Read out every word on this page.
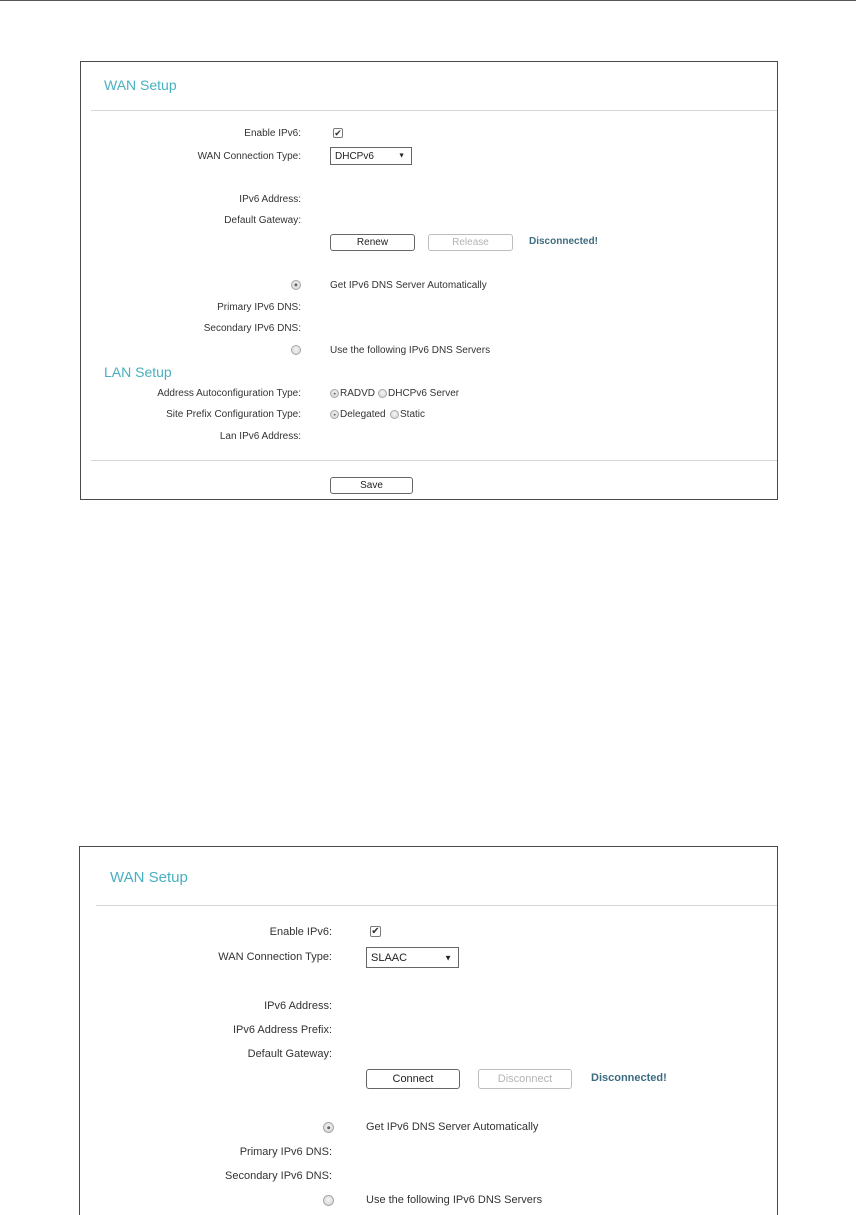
WAN Setup
Enable IPv6:	✔
WAN Connection Type:	DHCPv6	▼
IPv6 Address:
Default Gateway:
Renew	Release	Disconnected!
Get IPv6 DNS Server Automatically
Primary IPv6 DNS:
Secondary IPv6 DNS:
Use the following IPv6 DNS Servers
LAN Setup
Address Autoconfiguration Type:	RADVD DHCPv6 Server
Site Prefix Configuration Type:	Delegated Static
Lan IPv6 Address:
Save
WAN Setup
Enable IPv6:	✔
WAN Connection Type:	SLAAC	▼
IPv6 Address:
IPv6 Address Prefix:
Default Gateway:
Connect	Disconnect	Disconnected!
Get IPv6 DNS Server Automatically
Primary IPv6 DNS:
Secondary IPv6 DNS:
Use the following IPv6 DNS Servers
